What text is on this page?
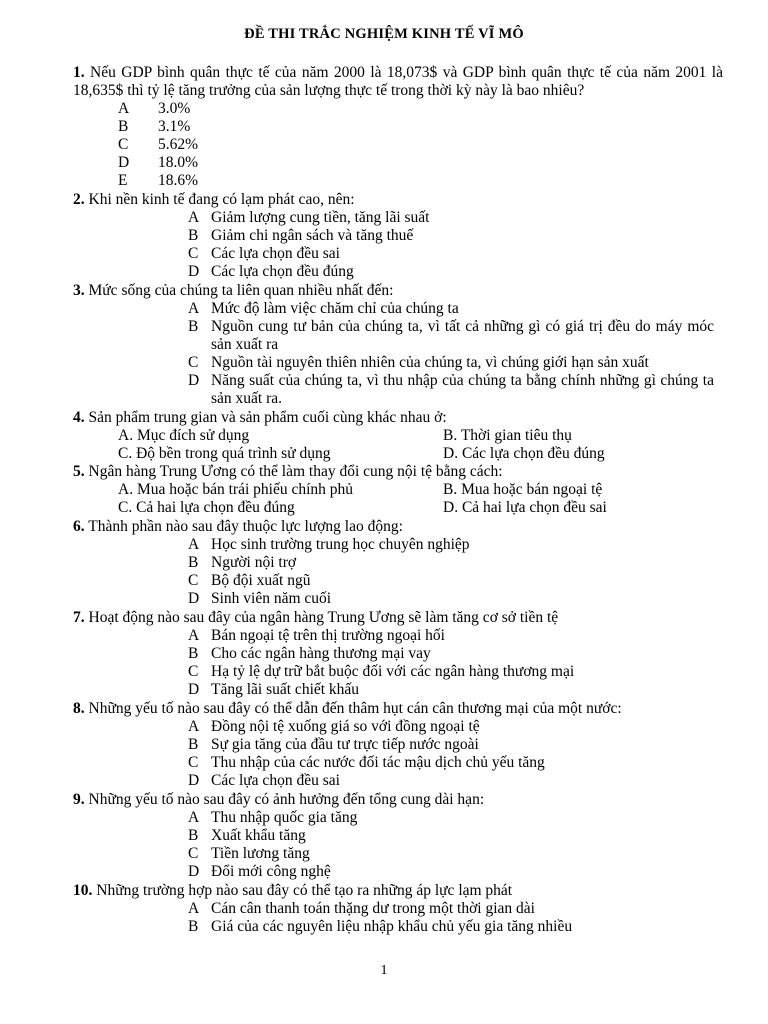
ĐỀ THI TRẮC NGHIỆM KINH TẾ VĨ MÔ
1. Nếu GDP bình quân thực tế của năm 2000 là 18,073$ và GDP bình quân thực tế của năm 2001 là 18,635$ thì tỷ lệ tăng trưởng của sản lượng thực tế trong thời kỳ này là bao nhiêu?
A 3.0%
B 3.1%
C 5.62%
D 18.0%
E 18.6%
2. Khi nền kinh tế đang có lạm phát cao, nên:
A Giảm lượng cung tiền, tăng lãi suất
B Giảm chi ngân sách và tăng thuế
C Các lựa chọn đều sai
D Các lựa chọn đều đúng
3. Mức sống của chúng ta liên quan nhiều nhất đến:
A Mức độ làm việc chăm chỉ của chúng ta
B Nguồn cung tư bản của chúng ta, vì tất cả những gì có giá trị đều do máy móc sản xuất ra
C Nguồn tài nguyên thiên nhiên của chúng ta, vì chúng giới hạn sản xuất
D Năng suất của chúng ta, vì thu nhập của chúng ta bằng chính những gì chúng ta sản xuất ra.
4. Sản phẩm trung gian và sản phẩm cuối cùng khác nhau ở:
A. Mục đích sử dụng	B. Thời gian tiêu thụ
C. Độ bền trong quá trình sử dụng	D. Các lựa chọn đều đúng
5. Ngân hàng Trung Ương có thể làm thay đổi cung nội tệ bằng cách:
A. Mua hoặc bán trái phiếu chính phủ	B. Mua hoặc bán ngoại tệ
C. Cả hai lựa chọn đều đúng	D. Cả hai lựa chọn đều sai
6. Thành phần nào sau đây thuộc lực lượng lao động:
A Học sinh trường trung học chuyên nghiệp
B Người nội trợ
C Bộ đội xuất ngũ
D Sinh viên năm cuối
7. Hoạt động nào sau đây của ngân hàng Trung Ương sẽ làm tăng cơ sở tiền tệ
A Bán ngoại tệ trên thị trường ngoại hối
B Cho các ngân hàng thương mại vay
C Hạ tỷ lệ dự trữ bắt buộc đối với các ngân hàng thương mại
D Tăng lãi suất chiết khấu
8. Những yếu tố nào sau đây có thể dẫn đến thâm hụt cán cân thương mại của một nước:
A Đồng nội tệ xuống giá so với đồng ngoại tệ
B Sự gia tăng của đầu tư trực tiếp nước ngoài
C Thu nhập của các nước đối tác mậu dịch chủ yếu tăng
D Các lựa chọn đều sai
9. Những yếu tố nào sau đây có ảnh hưởng đến tổng cung dài hạn:
A Thu nhập quốc gia tăng
B Xuất khẩu tăng
C Tiền lương tăng
D Đổi mới công nghệ
10. Những trường hợp nào sau đây có thể tạo ra những áp lực lạm phát
A Cán cân thanh toán thặng dư trong một thời gian dài
B Giá của các nguyên liệu nhập khẩu chủ yếu gia tăng nhiều
1
